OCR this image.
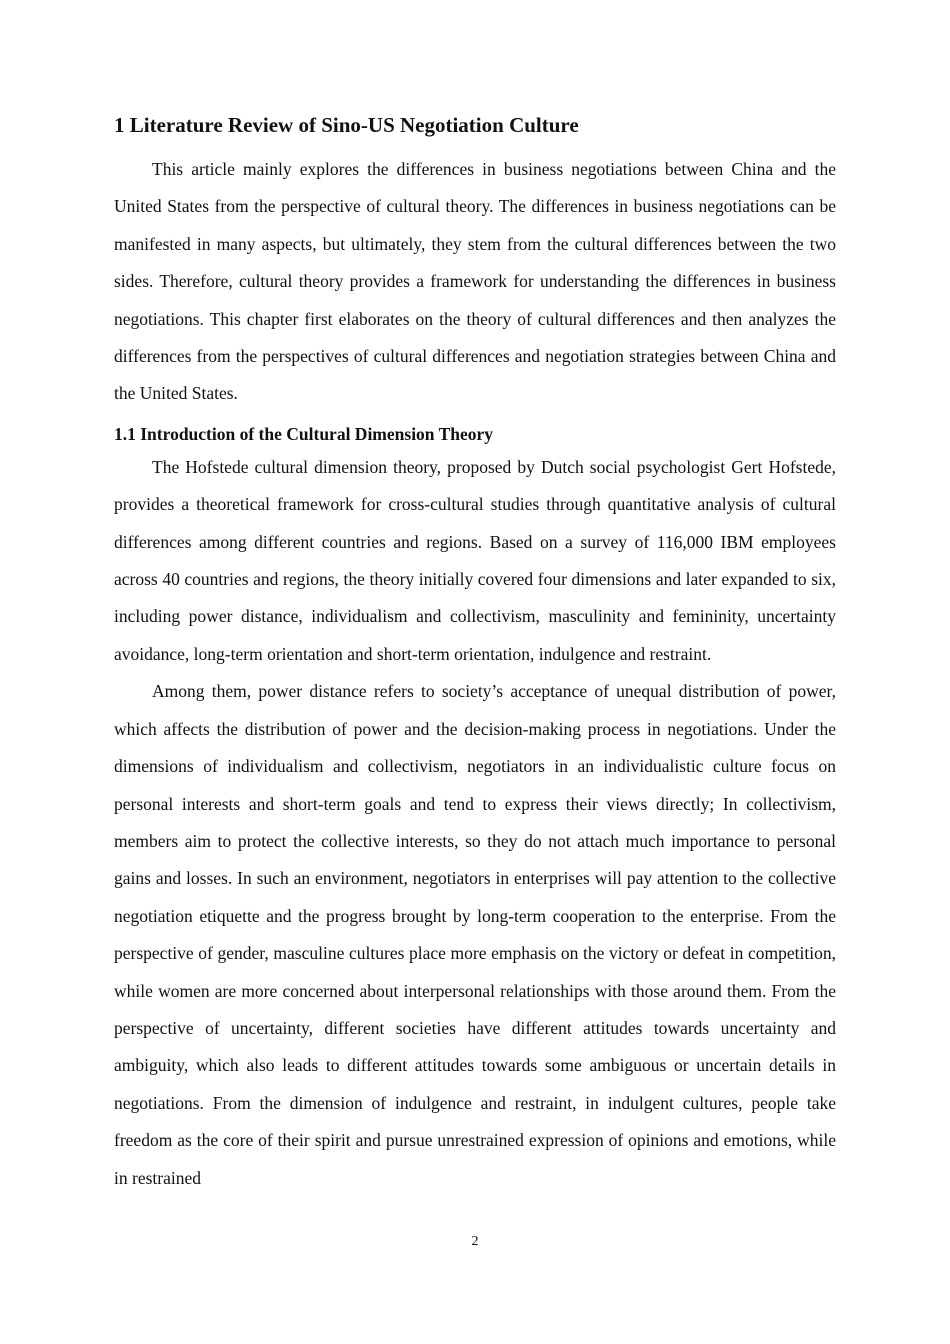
1 Literature Review of Sino-US Negotiation Culture

This article mainly explores the differences in business negotiations between China and the United States from the perspective of cultural theory. The differences in business negotiations can be manifested in many aspects, but ultimately, they stem from the cultural differences between the two sides. Therefore, cultural theory provides a framework for understanding the differences in business negotiations. This chapter first elaborates on the theory of cultural differences and then analyzes the differences from the perspectives of cultural differences and negotiation strategies between China and the United States.

1.1 Introduction of the Cultural Dimension Theory

The Hofstede cultural dimension theory, proposed by Dutch social psychologist Gert Hofstede, provides a theoretical framework for cross-cultural studies through quantitative analysis of cultural differences among different countries and regions. Based on a survey of 116,000 IBM employees across 40 countries and regions, the theory initially covered four dimensions and later expanded to six, including power distance, individualism and collectivism, masculinity and femininity, uncertainty avoidance, long-term orientation and short-term orientation, indulgence and restraint.

Among them, power distance refers to society’s acceptance of unequal distribution of power, which affects the distribution of power and the decision-making process in negotiations. Under the dimensions of individualism and collectivism, negotiators in an individualistic culture focus on personal interests and short-term goals and tend to express their views directly; In collectivism, members aim to protect the collective interests, so they do not attach much importance to personal gains and losses. In such an environment, negotiators in enterprises will pay attention to the collective negotiation etiquette and the progress brought by long-term cooperation to the enterprise. From the perspective of gender, masculine cultures place more emphasis on the victory or defeat in competition, while women are more concerned about interpersonal relationships with those around them. From the perspective of uncertainty, different societies have different attitudes towards uncertainty and ambiguity, which also leads to different attitudes towards some ambiguous or uncertain details in negotiations. From the dimension of indulgence and restraint, in indulgent cultures, people take freedom as the core of their spirit and pursue unrestrained expression of opinions and emotions, while in restrained

2
